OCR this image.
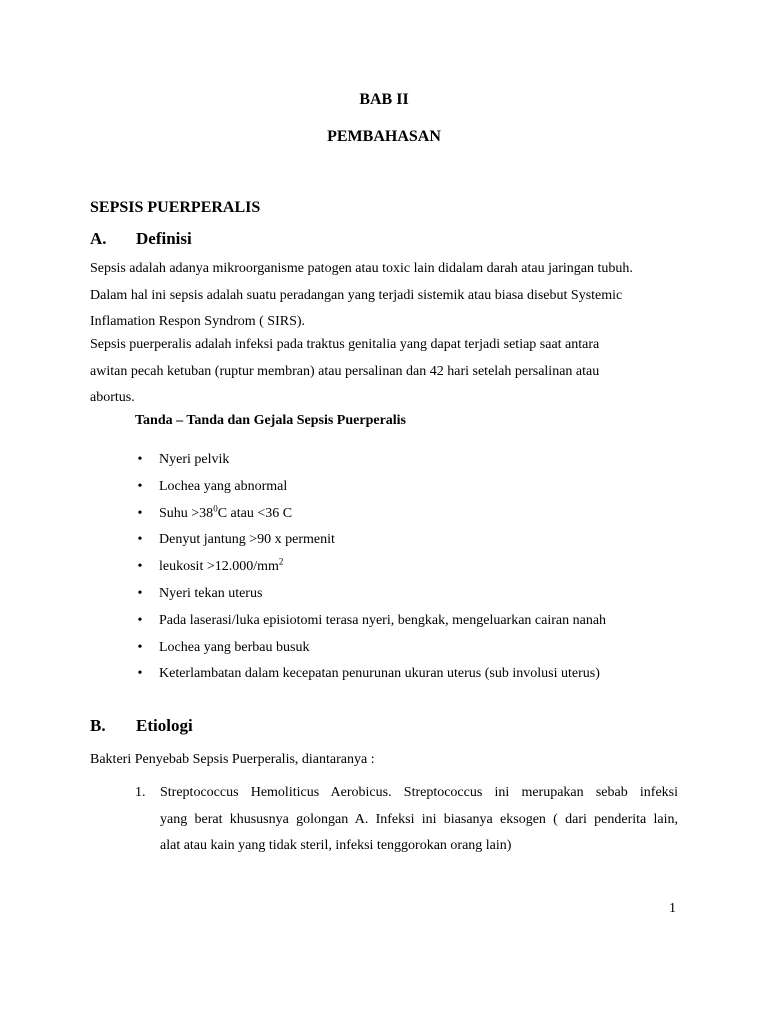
BAB II
PEMBAHASAN
SEPSIS PUERPERALIS
A. Definisi
Sepsis adalah adanya mikroorganisme patogen atau toxic lain didalam darah atau jaringan tubuh.
Dalam hal ini sepsis adalah suatu peradangan yang terjadi sistemik atau biasa disebut Systemic
Inflamation Respon Syndrom ( SIRS).
Sepsis puerperalis adalah infeksi pada traktus genitalia yang dapat terjadi setiap saat antara
awitan pecah ketuban (ruptur membran) atau persalinan dan 42 hari setelah persalinan atau
abortus.
Tanda – Tanda dan Gejala Sepsis Puerperalis
• Nyeri pelvik
• Lochea yang abnormal
• Suhu $>38^0C$ atau <36 C
• Denyut jantung >90 x permenit
• leukosit $>12.000/mm^2$
• Nyeri tekan uterus
• Pada laserasi/luka episiotomi terasa nyeri, bengkak, mengeluarkan cairan nanah
• Lochea yang berbau busuk
• Keterlambatan dalam kecepatan penurunan ukuran uterus (sub involusi uterus)
B. Etiologi
Bakteri Penyebab Sepsis Puerperalis, diantaranya :
1.	Streptococcus Hemoliticus Aerobicus. Streptococcus ini merupakan sebab infeksi
yang berat khususnya golongan A. Infeksi ini biasanya eksogen ( dari penderita lain,
alat atau kain yang tidak steril, infeksi tenggorokan orang lain)
1
